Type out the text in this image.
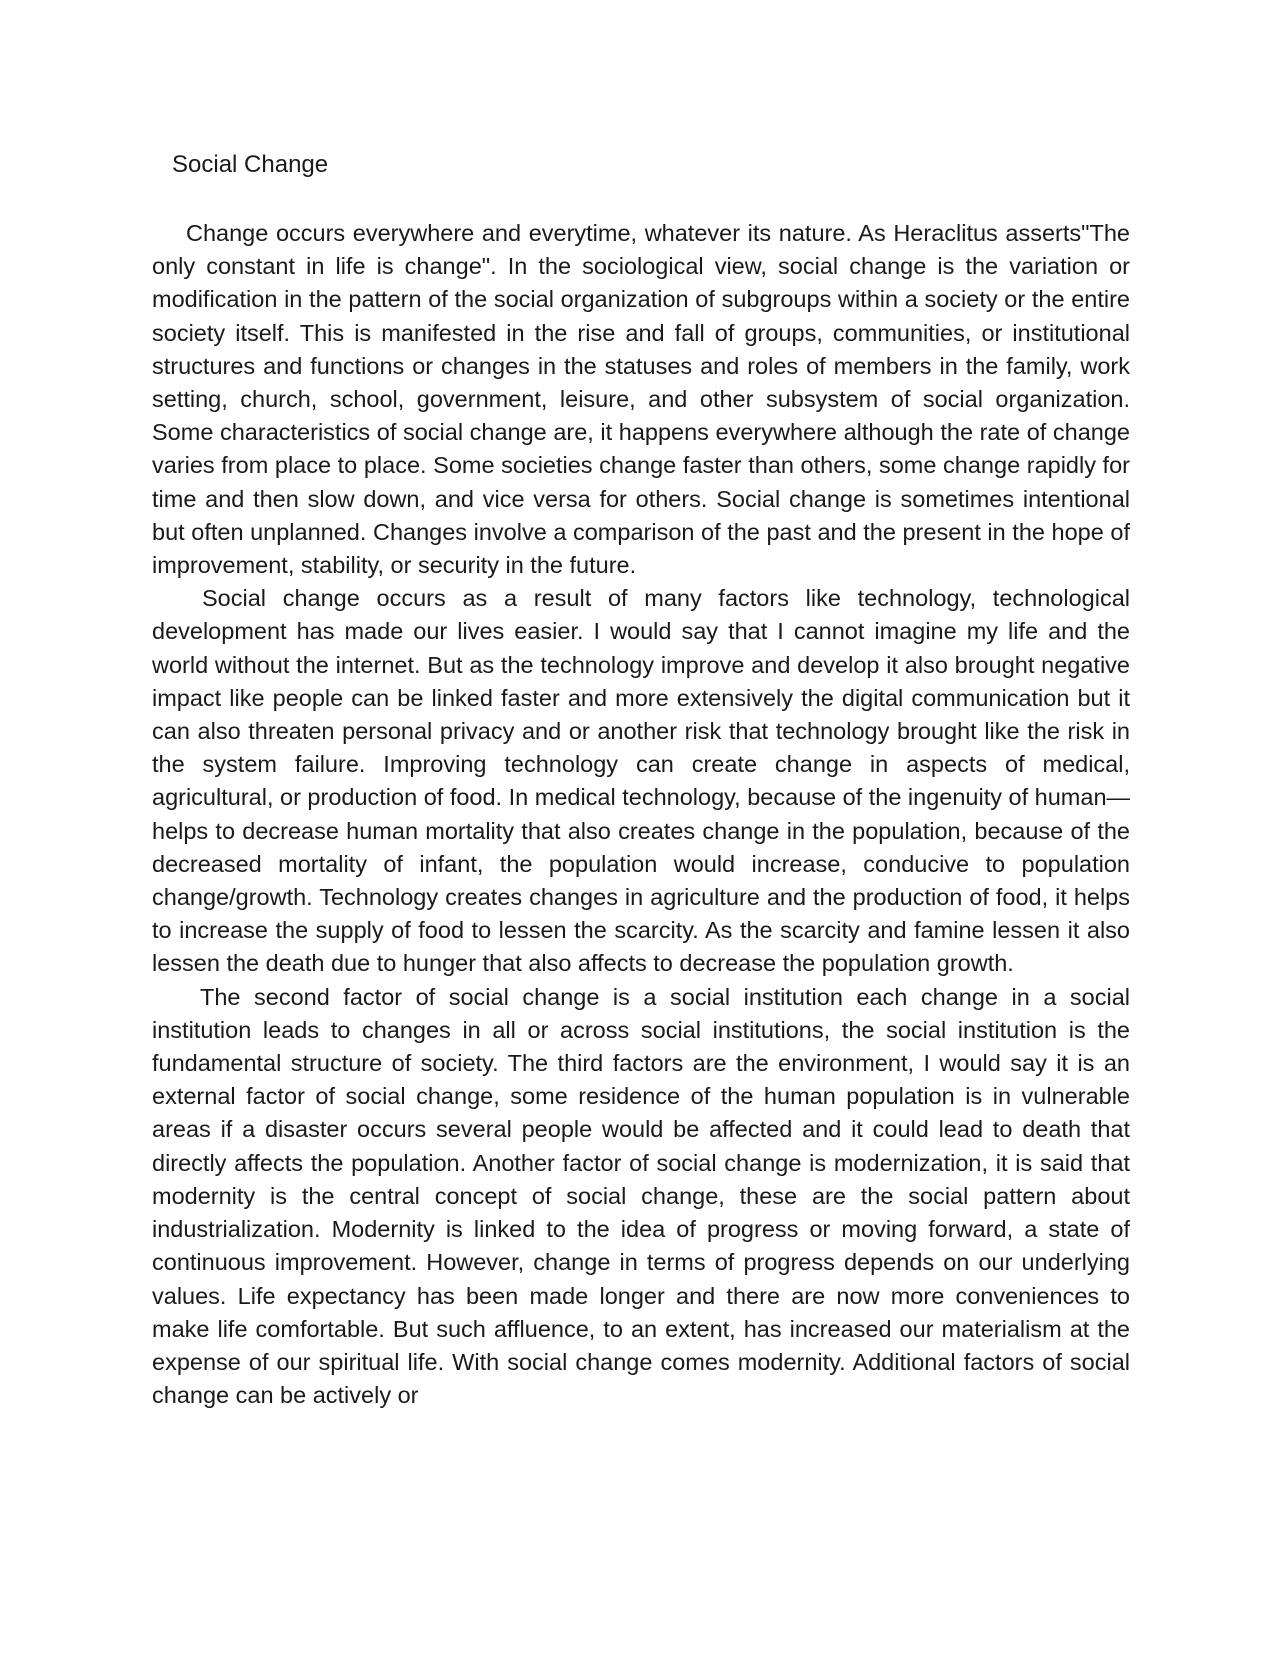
Social Change

Change occurs everywhere and everytime, whatever its nature. As Heraclitus asserts"The only constant in life is change". In the sociological view, social change is the variation or modification in the pattern of the social organization of subgroups within a society or the entire society itself. This is manifested in the rise and fall of groups, communities, or institutional structures and functions or changes in the statuses and roles of members in the family, work setting, church, school, government, leisure, and other subsystem of social organization. Some characteristics of social change are, it happens everywhere although the rate of change varies from place to place. Some societies change faster than others, some change rapidly for time and then slow down, and vice versa for others. Social change is sometimes intentional but often unplanned. Changes involve a comparison of the past and the present in the hope of improvement, stability, or security in the future.

Social change occurs as a result of many factors like technology, technological development has made our lives easier. I would say that I cannot imagine my life and the world without the internet. But as the technology improve and develop it also brought negative impact like people can be linked faster and more extensively the digital communication but it can also threaten personal privacy and or another risk that technology brought like the risk in the system failure. Improving technology can create change in aspects of medical, agricultural, or production of food. In medical technology, because of the ingenuity of human—helps to decrease human mortality that also creates change in the population, because of the decreased mortality of infant, the population would increase, conducive to population change/growth. Technology creates changes in agriculture and the production of food, it helps to increase the supply of food to lessen the scarcity. As the scarcity and famine lessen it also lessen the death due to hunger that also affects to decrease the population growth.

The second factor of social change is a social institution each change in a social institution leads to changes in all or across social institutions, the social institution is the fundamental structure of society. The third factors are the environment, I would say it is an external factor of social change, some residence of the human population is in vulnerable areas if a disaster occurs several people would be affected and it could lead to death that directly affects the population. Another factor of social change is modernization, it is said that modernity is the central concept of social change, these are the social pattern about industrialization. Modernity is linked to the idea of progress or moving forward, a state of continuous improvement. However, change in terms of progress depends on our underlying values. Life expectancy has been made longer and there are now more conveniences to make life comfortable. But such affluence, to an extent, has increased our materialism at the expense of our spiritual life. With social change comes modernity. Additional factors of social change can be actively or
